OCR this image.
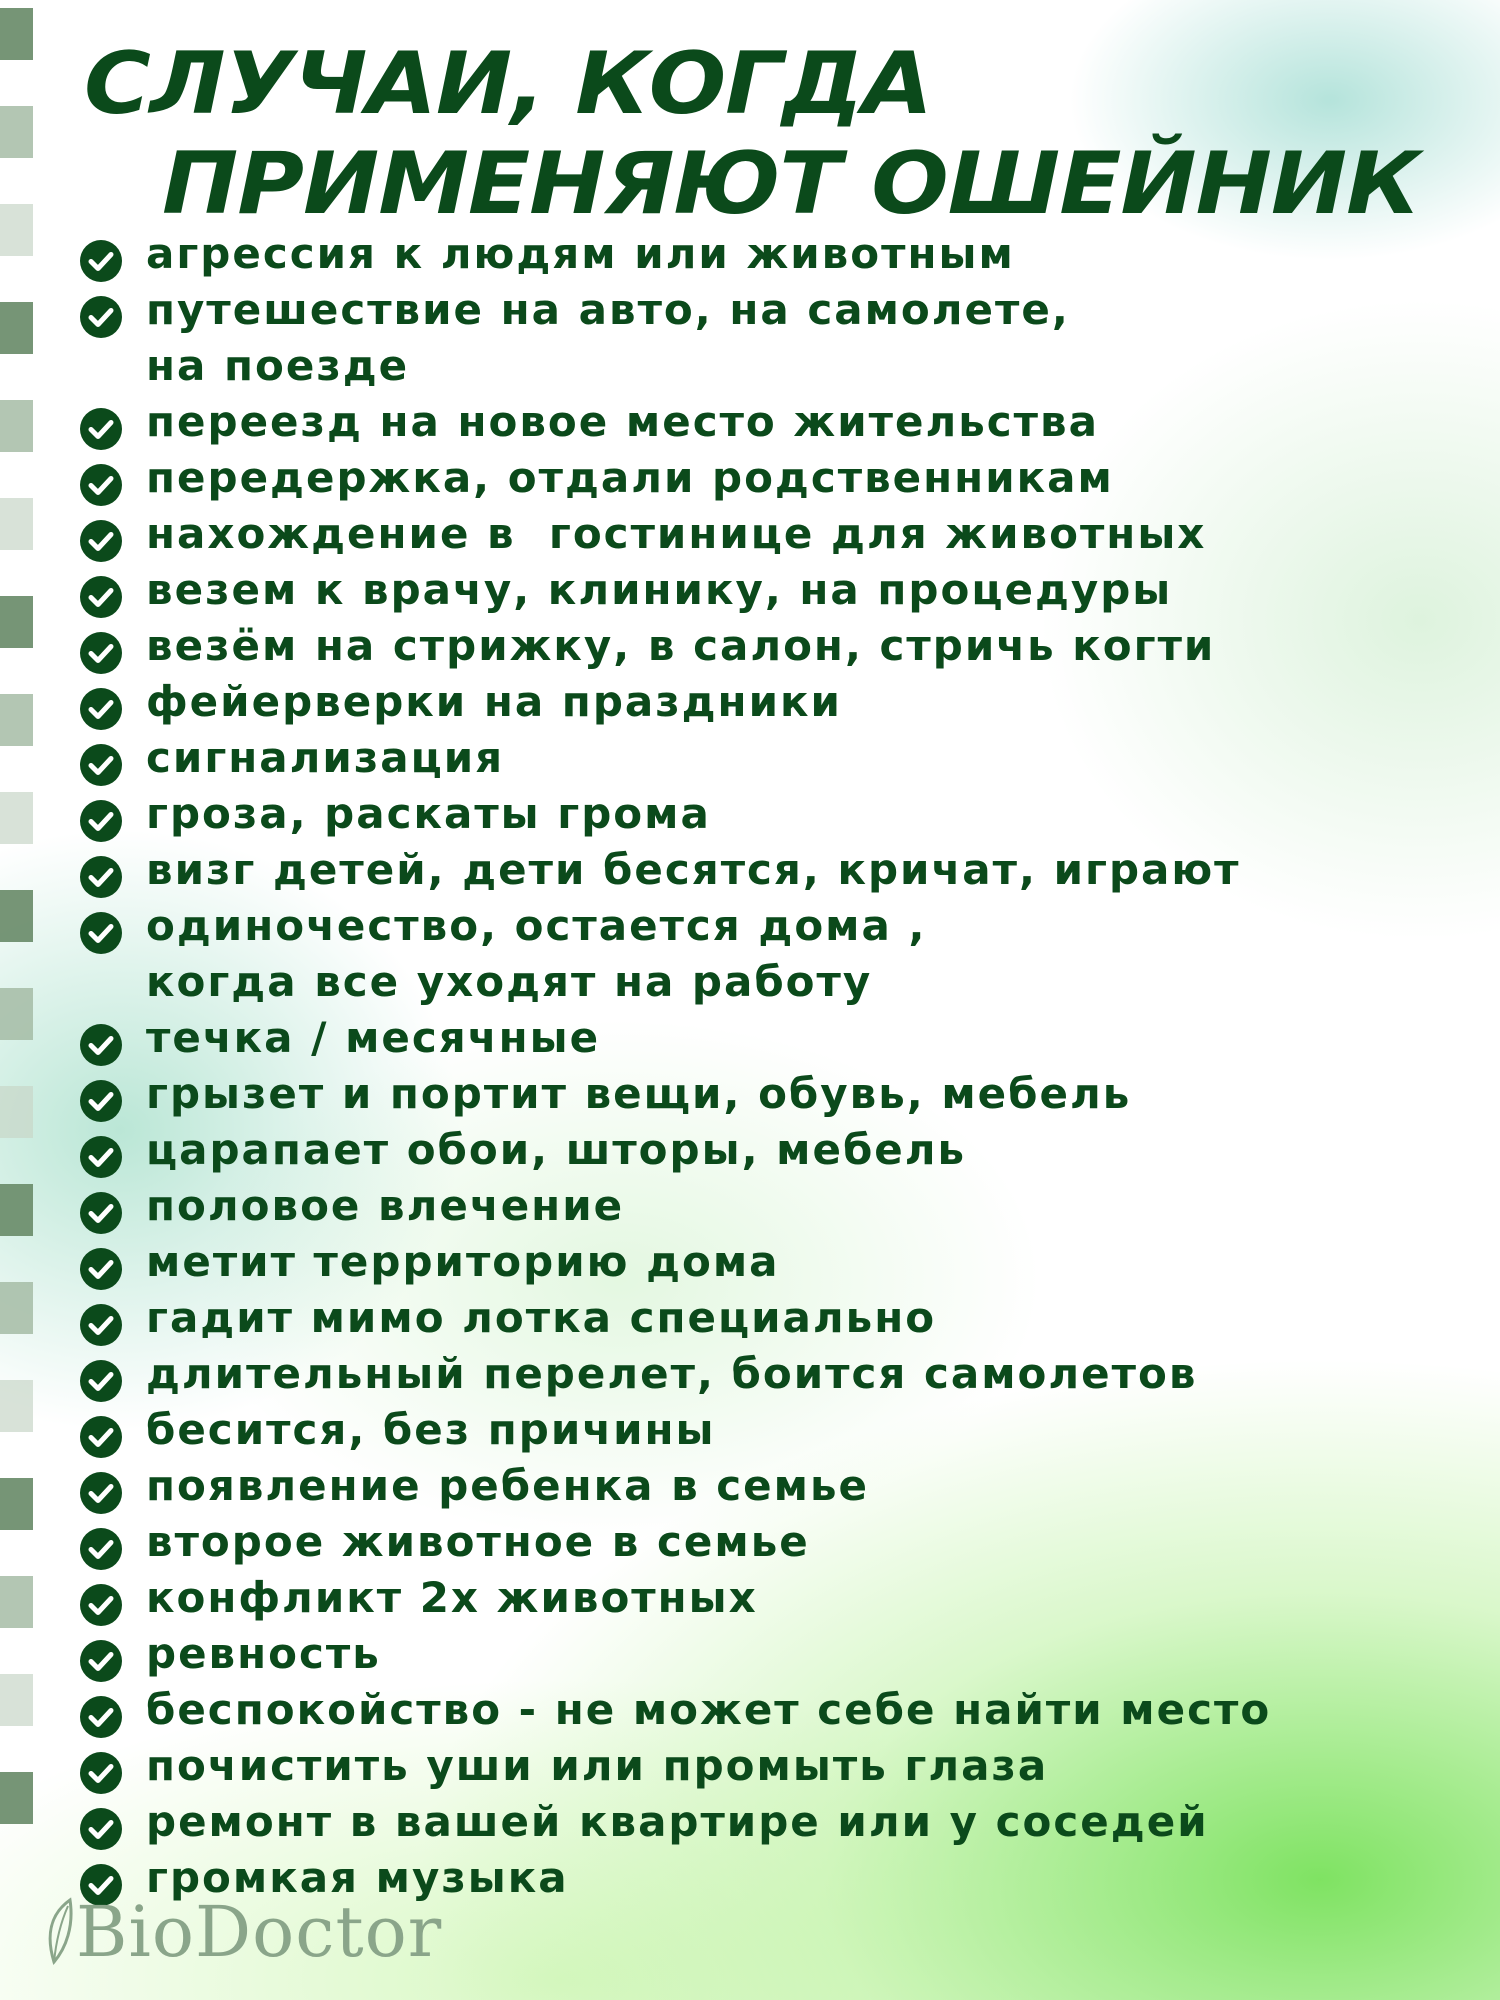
СЛУЧАИ, КОГДА
ПРИМЕНЯЮТ ОШЕЙНИК
агрессия к людям или животным
путешествие на авто, на самолете,
на поезде
переезд на новое место жительства
передержка, отдали родственникам
нахождение в  гостинице для животных
везем к врачу, клинику, на процедуры
везём на стрижку, в салон, стричь когти
фейерверки на праздники
сигнализация
гроза, раскаты грома
визг детей, дети бесятся, кричат, играют
одиночество, остается дома ,
когда все уходят на работу
течка / месячные
грызет и портит вещи, обувь, мебель
царапает обои, шторы, мебель
половое влечение
метит территорию дома
гадит мимо лотка специально
длительный перелет, боится самолетов
бесится, без причины
появление ребенка в семье
второе животное в семье
конфликт 2х животных
ревность
беспокойство - не может себе найти место
почистить уши или промыть глаза
ремонт в вашей квартире или у соседей
громкая музыка
BioDoctor
